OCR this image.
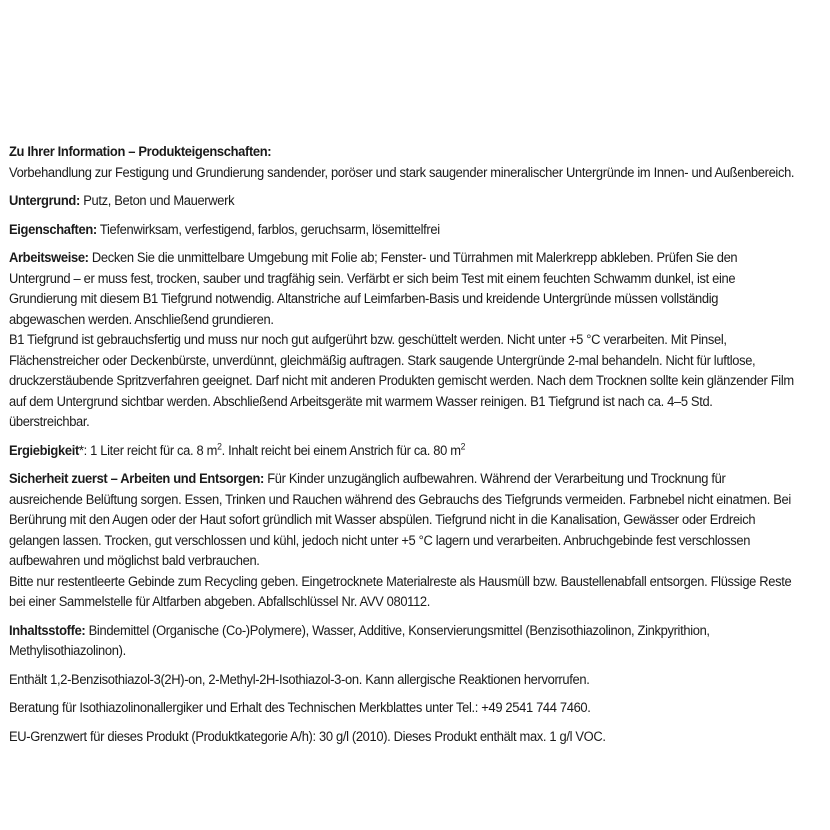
Zu Ihrer Information – Produkteigenschaften:
Vorbehandlung zur Festigung und Grundierung sandender, poröser und stark saugender mineralischer Untergründe im Innen- und Außenbereich.

Untergrund: Putz, Beton und Mauerwerk

Eigenschaften: Tiefenwirksam, verfestigend, farblos, geruchsarm, lösemittelfrei

Arbeitsweise: Decken Sie die unmittelbare Umgebung mit Folie ab; Fenster- und Türrahmen mit Malerkrepp abkleben. Prüfen Sie den Untergrund – er muss fest, trocken, sauber und tragfähig sein. Verfärbt er sich beim Test mit einem feuchten Schwamm dunkel, ist eine Grundierung mit diesem B1 Tiefgrund notwendig. Altanstriche auf Leimfarben-Basis und kreidende Untergründe müssen vollständig abgewaschen werden. Anschließend grundieren.
B1 Tiefgrund ist gebrauchsfertig und muss nur noch gut aufgerührt bzw. geschüttelt werden. Nicht unter +5 °C verarbeiten. Mit Pinsel, Flächenstreicher oder Deckenbürste, unverdünnt, gleichmäßig auftragen. Stark saugende Untergründe 2-mal behandeln. Nicht für luftlose, druckzerstäubende Spritzverfahren geeignet. Darf nicht mit anderen Produkten gemischt werden. Nach dem Trocknen sollte kein glänzender Film auf dem Untergrund sichtbar werden. Abschließend Arbeitsgeräte mit warmem Wasser reinigen. B1 Tiefgrund ist nach ca. 4–5 Std. überstreichbar.

Ergiebigkeit*: 1 Liter reicht für ca. 8 $m^2$. Inhalt reicht bei einem Anstrich für ca. 80 $m^2$

Sicherheit zuerst – Arbeiten und Entsorgen: Für Kinder unzugänglich aufbewahren. Während der Verarbeitung und Trocknung für ausreichende Belüftung sorgen. Essen, Trinken und Rauchen während des Gebrauchs des Tiefgrunds vermeiden. Farbnebel nicht einatmen. Bei Berührung mit den Augen oder der Haut sofort gründlich mit Wasser abspülen. Tiefgrund nicht in die Kanalisation, Gewässer oder Erdreich gelangen lassen. Trocken, gut verschlossen und kühl, jedoch nicht unter +5 °C lagern und verarbeiten. Anbruchgebinde fest verschlossen aufbewahren und möglichst bald verbrauchen.
Bitte nur restentleerte Gebinde zum Recycling geben. Eingetrocknete Materialreste als Hausmüll bzw. Baustellenabfall entsorgen. Flüssige Reste bei einer Sammelstelle für Altfarben abgeben. Abfallschlüssel Nr. AVV 080112.

Inhaltsstoffe: Bindemittel (Organische (Co-)Polymere), Wasser, Additive, Konservierungsmittel (Benzisothiazolinon, Zinkpyrithion, Methylisothiazolinon).

Enthält 1,2-Benzisothiazol-3(2H)-on, 2-Methyl-2H-Isothiazol-3-on. Kann allergische Reaktionen hervorrufen.

Beratung für Isothiazolinonallergiker und Erhalt des Technischen Merkblattes unter Tel.: +49 2541 744 7460.

EU-Grenzwert für dieses Produkt (Produktkategorie A/h): 30 g/l (2010). Dieses Produkt enthält max. 1 g/l VOC.
